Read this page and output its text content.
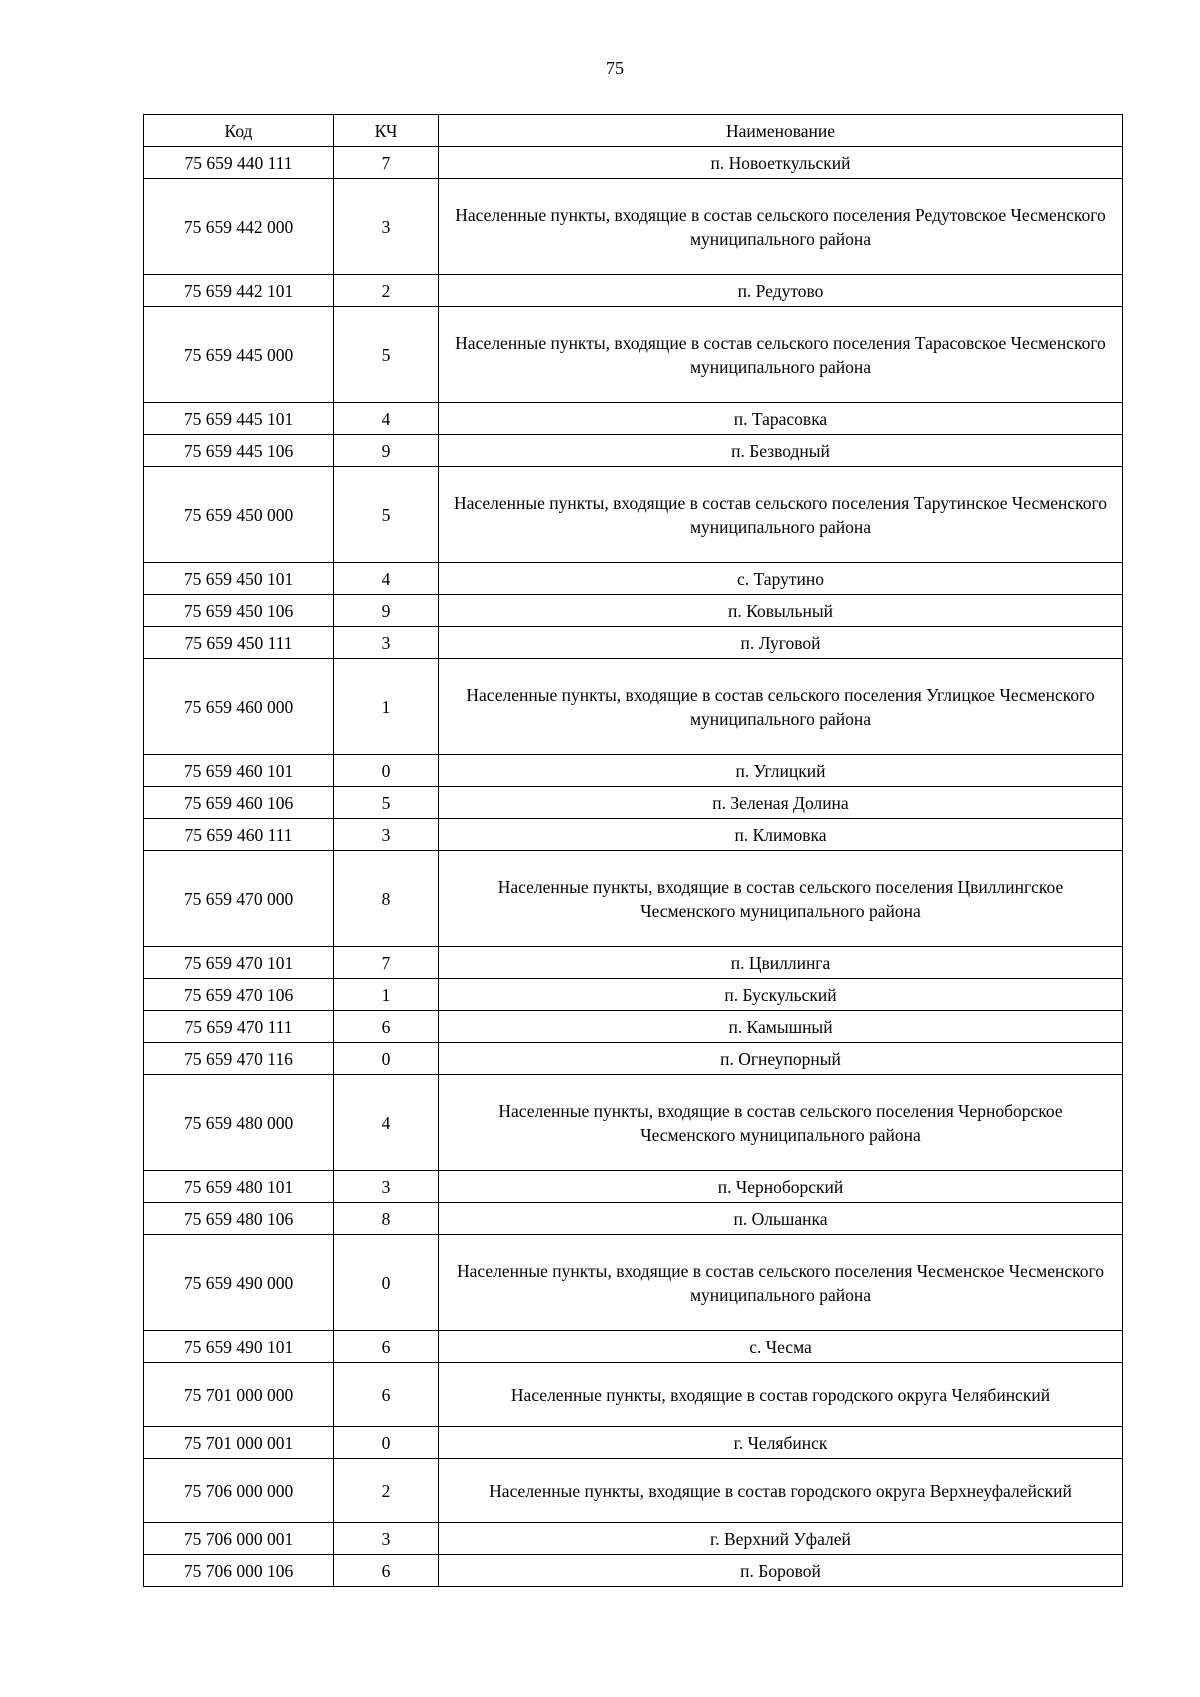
75
Код	КЧ	Наименование
75 659 440 111	7	п. Новоеткульский
75 659 442 000	3	Населенные пункты, входящие в состав сельского поселения Редутовское Чесменского муниципального района
75 659 442 101	2	п. Редутово
75 659 445 000	5	Населенные пункты, входящие в состав сельского поселения Тарасовское Чесменского муниципального района
75 659 445 101	4	п. Тарасовка
75 659 445 106	9	п. Безводный
75 659 450 000	5	Населенные пункты, входящие в состав сельского поселения Тарутинское Чесменского муниципального района
75 659 450 101	4	с. Тарутино
75 659 450 106	9	п. Ковыльный
75 659 450 111	3	п. Луговой
75 659 460 000	1	Населенные пункты, входящие в состав сельского поселения Углицкое Чесменского муниципального района
75 659 460 101	0	п. Углицкий
75 659 460 106	5	п. Зеленая Долина
75 659 460 111	3	п. Климовка
75 659 470 000	8	Населенные пункты, входящие в состав сельского поселения Цвиллингское Чесменского муниципального района
75 659 470 101	7	п. Цвиллинга
75 659 470 106	1	п. Бускульский
75 659 470 111	6	п. Камышный
75 659 470 116	0	п. Огнеупорный
75 659 480 000	4	Населенные пункты, входящие в состав сельского поселения Черноборское Чесменского муниципального района
75 659 480 101	3	п. Черноборский
75 659 480 106	8	п. Ольшанка
75 659 490 000	0	Населенные пункты, входящие в состав сельского поселения Чесменское Чесменского муниципального района
75 659 490 101	6	с. Чесма
75 701 000 000	6	Населенные пункты, входящие в состав городского округа Челябинский
75 701 000 001	0	г. Челябинск
75 706 000 000	2	Населенные пункты, входящие в состав городского округа Верхнеуфалейский
75 706 000 001	3	г. Верхний Уфалей
75 706 000 106	6	п. Боровой
